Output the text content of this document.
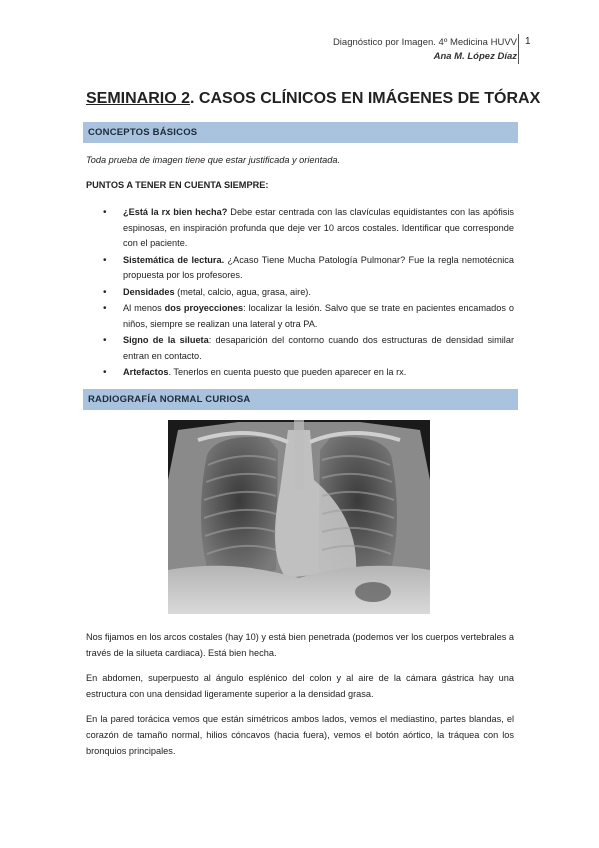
Diagnóstico por Imagen. 4º Medicina HUVV
Ana M. López Díaz
1
SEMINARIO 2. CASOS CLÍNICOS EN IMÁGENES DE TÓRAX
CONCEPTOS BÁSICOS
Toda prueba de imagen tiene que estar justificada y orientada.
PUNTOS A TENER EN CUENTA SIEMPRE:
• ¿Está la rx bien hecha? Debe estar centrada con las clavículas equidistantes con las apófisis espinosas, en inspiración profunda que deje ver 10 arcos costales. Identificar que corresponde con el paciente.
• Sistemática de lectura. ¿Acaso Tiene Mucha Patología Pulmonar? Fue la regla nemotécnica propuesta por los profesores.
• Densidades (metal, calcio, agua, grasa, aire).
• Al menos dos proyecciones: localizar la lesión. Salvo que se trate en pacientes encamados o niños, siempre se realizan una lateral y otra PA.
• Signo de la silueta: desaparición del contorno cuando dos estructuras de densidad similar entran en contacto.
• Artefactos. Tenerlos en cuenta puesto que pueden aparecer en la rx.
RADIOGRAFÍA NORMAL CURIOSA
Nos fijamos en los arcos costales (hay 10) y está bien penetrada (podemos ver los cuerpos vertebrales a través de la silueta cardiaca). Está bien hecha.
En abdomen, superpuesto al ángulo esplénico del colon y al aire de la cámara gástrica hay una estructura con una densidad ligeramente superior a la densidad grasa.
En la pared torácica vemos que están simétricos ambos lados, vemos el mediastino, partes blandas, el corazón de tamaño normal, hilios cóncavos (hacia fuera), vemos el botón aórtico, la tráquea con los bronquios principales.
